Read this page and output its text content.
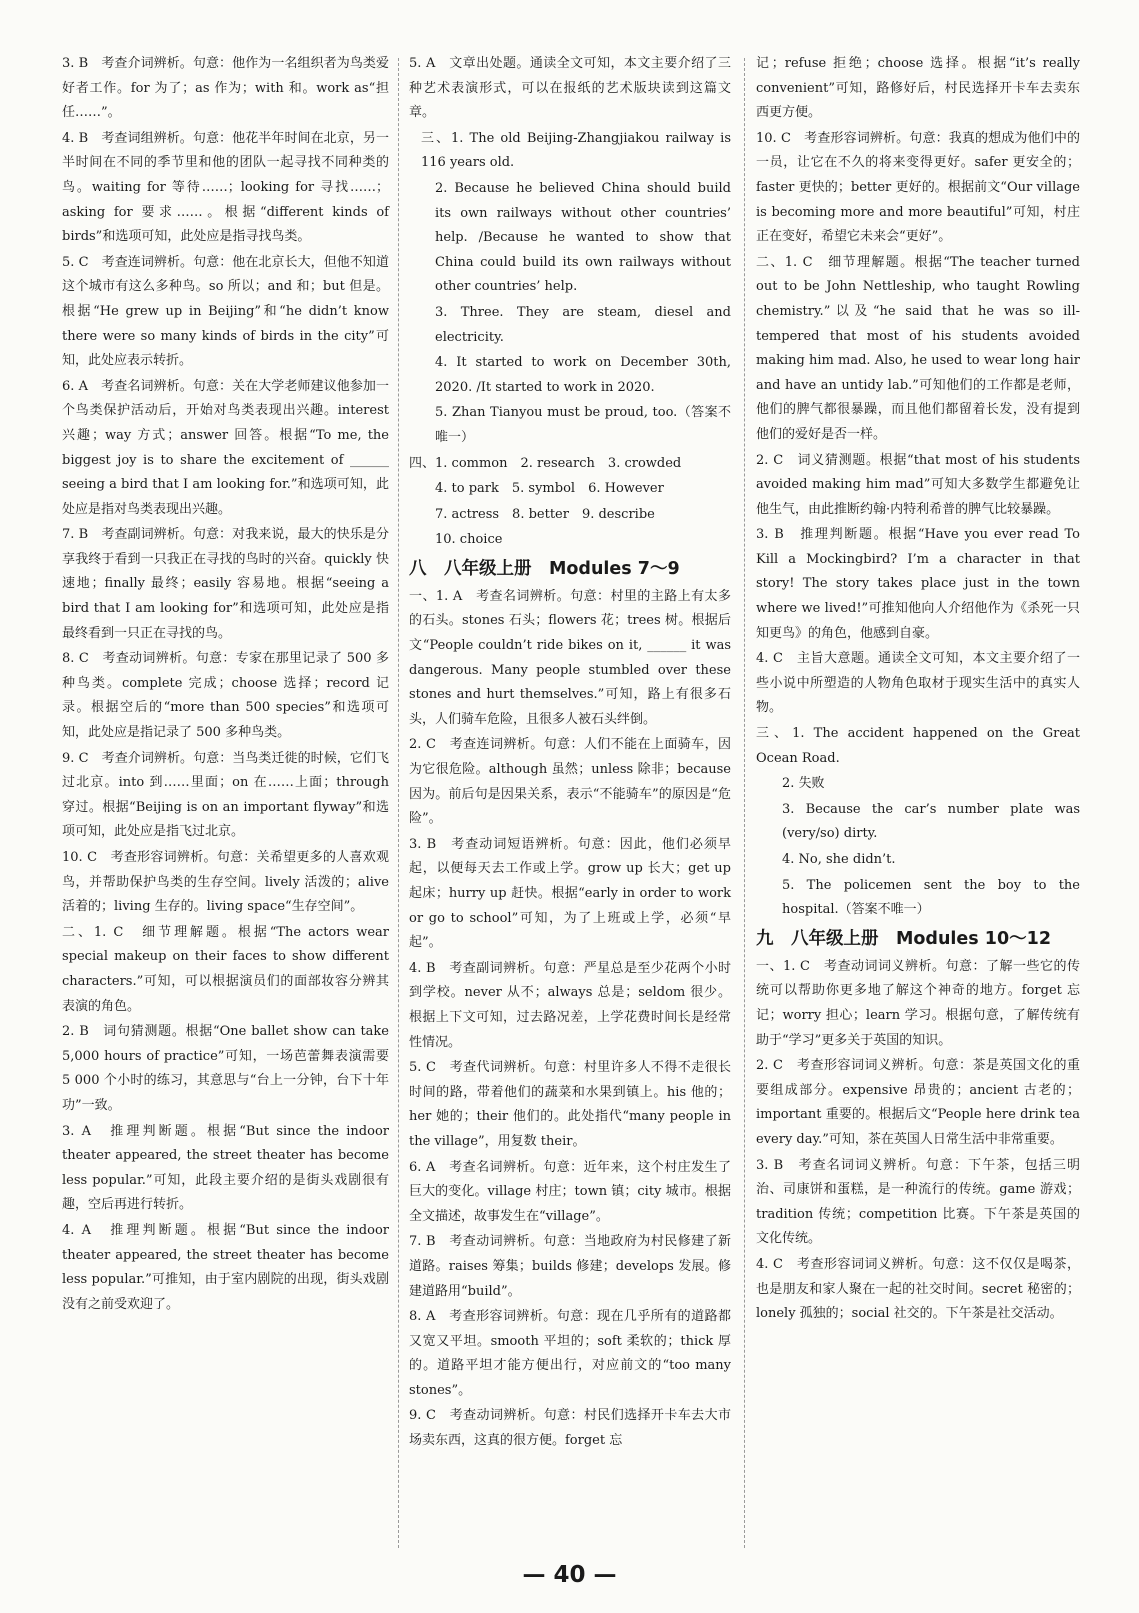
3. B　考查介词辨析。句意：他作为一名组织者为鸟类爱好者工作。for 为了；as 作为；with 和。work as“担任……”。
4. B　考查词组辨析。句意：他花半年时间在北京，另一半时间在不同的季节里和他的团队一起寻找不同种类的鸟。waiting for 等待……；looking for 寻找……；asking for 要求……。根据“different kinds of birds”和选项可知，此处应是指寻找鸟类。
5. C　考查连词辨析。句意：他在北京长大，但他不知道这个城市有这么多种鸟。so 所以；and 和；but 但是。根据“He grew up in Beijing”和“he didn’t know there were so many kinds of birds in the city”可知，此处应表示转折。
6. A　考查名词辨析。句意：关在大学老师建议他参加一个鸟类保护活动后，开始对鸟类表现出兴趣。interest 兴趣；way 方式；answer 回答。根据“To me, the biggest joy is to share the excitement of ______ seeing a bird that I am looking for.”和选项可知，此处应是指对鸟类表现出兴趣。
7. B　考查副词辨析。句意：对我来说，最大的快乐是分享我终于看到一只我正在寻找的鸟时的兴奋。quickly 快速地；finally 最终；easily 容易地。根据“seeing a bird that I am looking for”和选项可知，此处应是指最终看到一只正在寻找的鸟。
8. C　考查动词辨析。句意：专家在那里记录了 500 多种鸟类。complete 完成；choose 选择；record 记录。根据空后的“more than 500 species”和选项可知，此处应是指记录了 500 多种鸟类。
9. C　考查介词辨析。句意：当鸟类迁徙的时候，它们飞过北京。into 到……里面；on 在……上面；through 穿过。根据“Beijing is on an important flyway”和选项可知，此处应是指飞过北京。
10. C　考查形容词辨析。句意：关希望更多的人喜欢观鸟，并帮助保护鸟类的生存空间。lively 活泼的；alive 活着的；living 生存的。living space“生存空间”。
二、1. C　细节理解题。根据“The actors wear special makeup on their faces to show different characters.”可知，可以根据演员们的面部妆容分辨其表演的角色。
2. B　词句猜测题。根据“One ballet show can take 5,000 hours of practice”可知，一场芭蕾舞表演需要 5 000 个小时的练习，其意思与“台上一分钟，台下十年功”一致。
3. A　推理判断题。根据“But since the indoor theater appeared, the street theater has become less popular.”可知，此段主要介绍的是街头戏剧很有趣，空后再进行转折。
4. A　推理判断题。根据“But since the indoor theater appeared, the street theater has become less popular.”可推知，由于室内剧院的出现，街头戏剧没有之前受欢迎了。
5. A　文章出处题。通读全文可知，本文主要介绍了三种艺术表演形式，可以在报纸的艺术版块读到这篇文章。
三、1. The old Beijing-Zhangjiakou railway is 116 years old.
2. Because he believed China should build its own railways without other countries’ help. /Because he wanted to show that China could build its own railways without other countries’ help.
3. Three. They are steam, diesel and electricity.
4. It started to work on December 30th, 2020. /It started to work in 2020.
5. Zhan Tianyou must be proud, too.（答案不唯一）
四、1. common　2. research　3. crowded
4. to park　5. symbol　6. However
7. actress　8. better　9. describe
10. choice
八　八年级上册　Modules 7～9
一、1. A　考查名词辨析。句意：村里的主路上有太多的石头。stones 石头；flowers 花；trees 树。根据后文“People couldn’t ride bikes on it, ______ it was dangerous. Many people stumbled over these stones and hurt themselves.”可知，路上有很多石头，人们骑车危险，且很多人被石头绊倒。
2. C　考查连词辨析。句意：人们不能在上面骑车，因为它很危险。although 虽然；unless 除非；because 因为。前后句是因果关系，表示“不能骑车”的原因是“危险”。
3. B　考查动词短语辨析。句意：因此，他们必须早起，以便每天去工作或上学。grow up 长大；get up 起床；hurry up 赶快。根据“early in order to work or go to school”可知，为了上班或上学，必须“早起”。
4. B　考查副词辨析。句意：严星总是至少花两个小时到学校。never 从不；always 总是；seldom 很少。根据上下文可知，过去路况差，上学花费时间长是经常性情况。
5. C　考查代词辨析。句意：村里许多人不得不走很长时间的路，带着他们的蔬菜和水果到镇上。his 他的；her 她的；their 他们的。此处指代“many people in the village”，用复数 their。
6. A　考查名词辨析。句意：近年来，这个村庄发生了巨大的变化。village 村庄；town 镇；city 城市。根据全文描述，故事发生在“village”。
7. B　考查动词辨析。句意：当地政府为村民修建了新道路。raises 筹集；builds 修建；develops 发展。修建道路用“build”。
8. A　考查形容词辨析。句意：现在几乎所有的道路都又宽又平坦。smooth 平坦的；soft 柔软的；thick 厚的。道路平坦才能方便出行，对应前文的“too many stones”。
9. C　考查动词辨析。句意：村民们选择开卡车去大市场卖东西，这真的很方便。forget 忘
记；refuse 拒绝；choose 选择。根据“it’s really convenient”可知，路修好后，村民选择开卡车去卖东西更方便。
10. C　考查形容词辨析。句意：我真的想成为他们中的一员，让它在不久的将来变得更好。safer 更安全的；faster 更快的；better 更好的。根据前文“Our village is becoming more and more beautiful”可知，村庄正在变好，希望它未来会“更好”。
二、1. C　细节理解题。根据“The teacher turned out to be John Nettleship, who taught Rowling chemistry.”以及“he said that he was so ill-tempered that most of his students avoided making him mad. Also, he used to wear long hair and have an untidy lab.”可知他们的工作都是老师，他们的脾气都很暴躁，而且他们都留着长发，没有提到他们的爱好是否一样。
2. C　词义猜测题。根据“that most of his students avoided making him mad”可知大多数学生都避免让他生气，由此推断约翰·内特利希普的脾气比较暴躁。
3. B　推理判断题。根据“Have you ever read To Kill a Mockingbird? I’m a character in that story! The story takes place just in the town where we lived!”可推知他向人介绍他作为《杀死一只知更鸟》的角色，他感到自豪。
4. C　主旨大意题。通读全文可知，本文主要介绍了一些小说中所塑造的人物角色取材于现实生活中的真实人物。
三、1. The accident happened on the Great Ocean Road.
2. 失败
3. Because the car’s number plate was (very/so) dirty.
4. No, she didn’t.
5. The policemen sent the boy to the hospital.（答案不唯一）
九　八年级上册　Modules 10～12
一、1. C　考查动词词义辨析。句意：了解一些它的传统可以帮助你更多地了解这个神奇的地方。forget 忘记；worry 担心；learn 学习。根据句意，了解传统有助于“学习”更多关于英国的知识。
2. C　考查形容词词义辨析。句意：茶是英国文化的重要组成部分。expensive 昂贵的；ancient 古老的；important 重要的。根据后文“People here drink tea every day.”可知，茶在英国人日常生活中非常重要。
3. B　考查名词词义辨析。句意：下午茶，包括三明治、司康饼和蛋糕，是一种流行的传统。game 游戏；tradition 传统；competition 比赛。下午茶是英国的文化传统。
4. C　考查形容词词义辨析。句意：这不仅仅是喝茶，也是朋友和家人聚在一起的社交时间。secret 秘密的；lonely 孤独的；social 社交的。下午茶是社交活动。
— 40 —
